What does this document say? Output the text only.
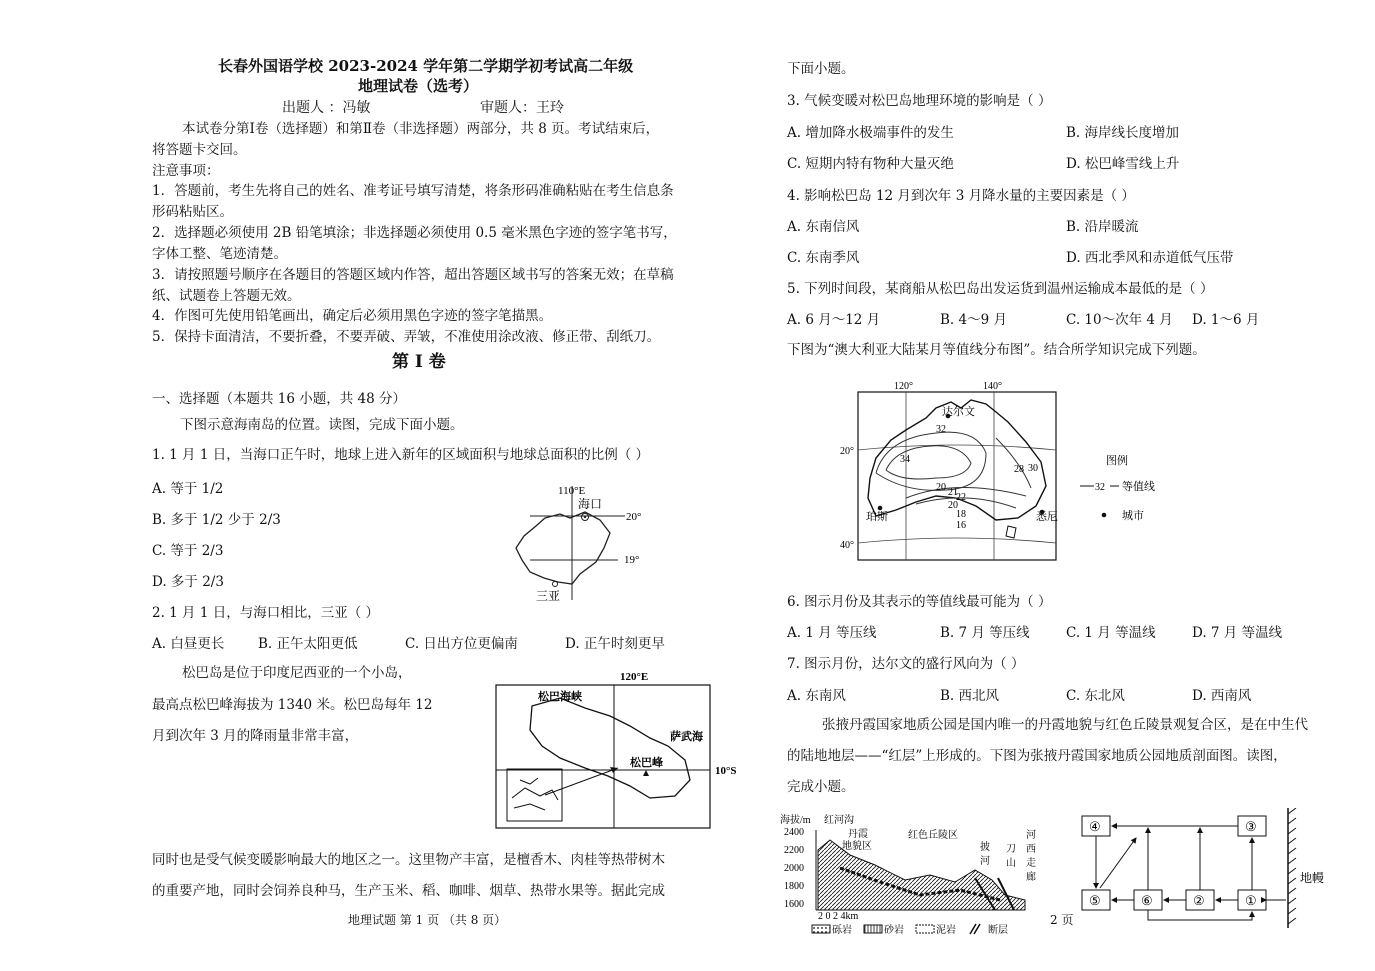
长春外国语学校 2023-2024 学年第二学期学初考试高二年级
地理试卷（选考）
出题人 ：冯敏	审题人：王玲
本试卷分第Ⅰ卷（选择题）和第Ⅱ卷（非选择题）两部分，共 8 页。考试结束后，
将答题卡交回。
注意事项：
1．答题前，考生先将自己的姓名、准考证号填写清楚，将条形码准确粘贴在考生信息条
形码粘贴区。
2．选择题必须使用 2B 铅笔填涂；非选择题必须使用 0.5 毫米黑色字迹的签字笔书写，
字体工整、笔迹清楚。
3．请按照题号顺序在各题目的答题区域内作答，超出答题区域书写的答案无效；在草稿
纸、试题卷上答题无效。
4．作图可先使用铅笔画出，确定后必须用黑色字迹的签字笔描黑。
5．保持卡面清洁，不要折叠，不要弄破、弄皱，不准使用涂改液、修正带、刮纸刀。
第 I 卷
一、选择题（本题共 16 小题，共 48 分）
下图示意海南岛的位置。读图，完成下面小题。
1. 1 月 1 日，当海口正午时，地球上进入新年的区域面积与地球总面积的比例（ ）
A. 等于 1/2
B. 多于 1/2 少于 2/3
C. 等于 2/3
D. 多于 2/3
110°E
海口
20°
19°
三亚
2. 1 月 1 日，与海口相比，三亚（ ）
A. 白昼更长 B. 正午太阳更低	C. 日出方位更偏南	D. 正午时刻更早
松巴岛是位于印度尼西亚的一个小岛，
最高点松巴峰海拔为 1340 米。松巴岛每年 12
月到次年 3 月的降雨量非常丰富，
120°E
松巴海峡
萨武海
松巴峰
10°S
同时也是受气候变暖影响最大的地区之一。这里物产丰富，是檀香木、肉桂等热带树木
的重要产地，同时会饲养良种马，生产玉米、稻、咖啡、烟草、热带水果等。据此完成
地理试题 第 1 页 （共 8 页）
下面小题。
3. 气候变暖对松巴岛地理环境的影响是（ ）
A. 增加降水极端事件的发生	B. 海岸线长度增加
C. 短期内特有物种大量灭绝	D. 松巴峰雪线上升
4. 影响松巴岛 12 月到次年 3 月降水量的主要因素是（ ）
A. 东南信风	B. 沿岸暖流
C. 东南季风	D. 西北季风和赤道低气压带
5. 下列时间段，某商船从松巴岛出发运货到温州运输成本最低的是（ ）
A. 6 月～12 月	B. 4～9 月	C. 10～次年 4 月 D. 1～6 月
下图为“澳大利亚大陆某月等值线分布图”。结合所学知识完成下列题。
120°	140°
20°
40°
达尔文
珀斯	悉尼
32
34
30
28
20 21
22
20
18
16
图例
32 等值线
城市
6. 图示月份及其表示的等值线最可能为（ ）
A. 1 月 等压线	B. 7 月 等压线	C. 1 月 等温线	D. 7 月 等温线
7. 图示月份，达尔文的盛行风向为（ ）
A. 东南风	B. 西北风	C. 东北风	D. 西南风
张掖丹霞国家地质公园是国内唯一的丹霞地貌与红色丘陵景观复合区，是在中生代
的陆地地层——“红层”上形成的。下图为张掖丹霞国家地质公园地质剖面图。读图，
完成小题。
海拔/m
2400
2200
2000
1800
1600
红河沟
丹霞
地貌区
红色丘陵区
披
河
刀
山
河
西
走
廊
2 0 2 4km
砾岩	砂岩	泥岩	断层
2 页
④	③
⑤	⑥	②	①
地幔
